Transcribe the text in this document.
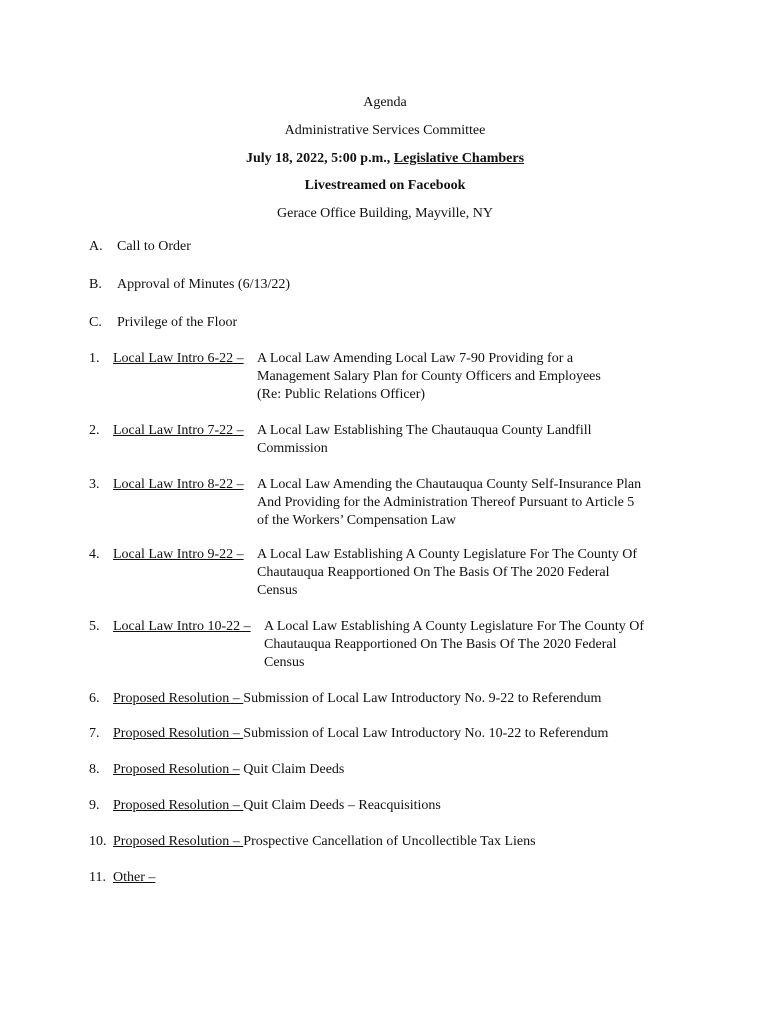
Agenda
Administrative Services Committee
July 18, 2022, 5:00 p.m., Legislative Chambers
Livestreamed on Facebook
Gerace Office Building, Mayville, NY
A. Call to Order
B. Approval of Minutes (6/13/22)
C. Privilege of the Floor
1. Local Law Intro 6-22 – A Local Law Amending Local Law 7-90 Providing for a
Management Salary Plan for County Officers and Employees
(Re: Public Relations Officer)
2. Local Law Intro 7-22 – A Local Law Establishing The Chautauqua County Landfill
Commission
3. Local Law Intro 8-22 – A Local Law Amending the Chautauqua County Self-Insurance Plan
And Providing for the Administration Thereof Pursuant to Article 5
of the Workers’ Compensation Law
4. Local Law Intro 9-22 – A Local Law Establishing A County Legislature For The County Of
Chautauqua Reapportioned On The Basis Of The 2020 Federal
Census
5. Local Law Intro 10-22 – A Local Law Establishing A County Legislature For The County Of
Chautauqua Reapportioned On The Basis Of The 2020 Federal
Census
6. Proposed Resolution – Submission of Local Law Introductory No. 9-22 to Referendum
7. Proposed Resolution – Submission of Local Law Introductory No. 10-22 to Referendum
8. Proposed Resolution – Quit Claim Deeds
9. Proposed Resolution – Quit Claim Deeds – Reacquisitions
10. Proposed Resolution – Prospective Cancellation of Uncollectible Tax Liens
11. Other –
